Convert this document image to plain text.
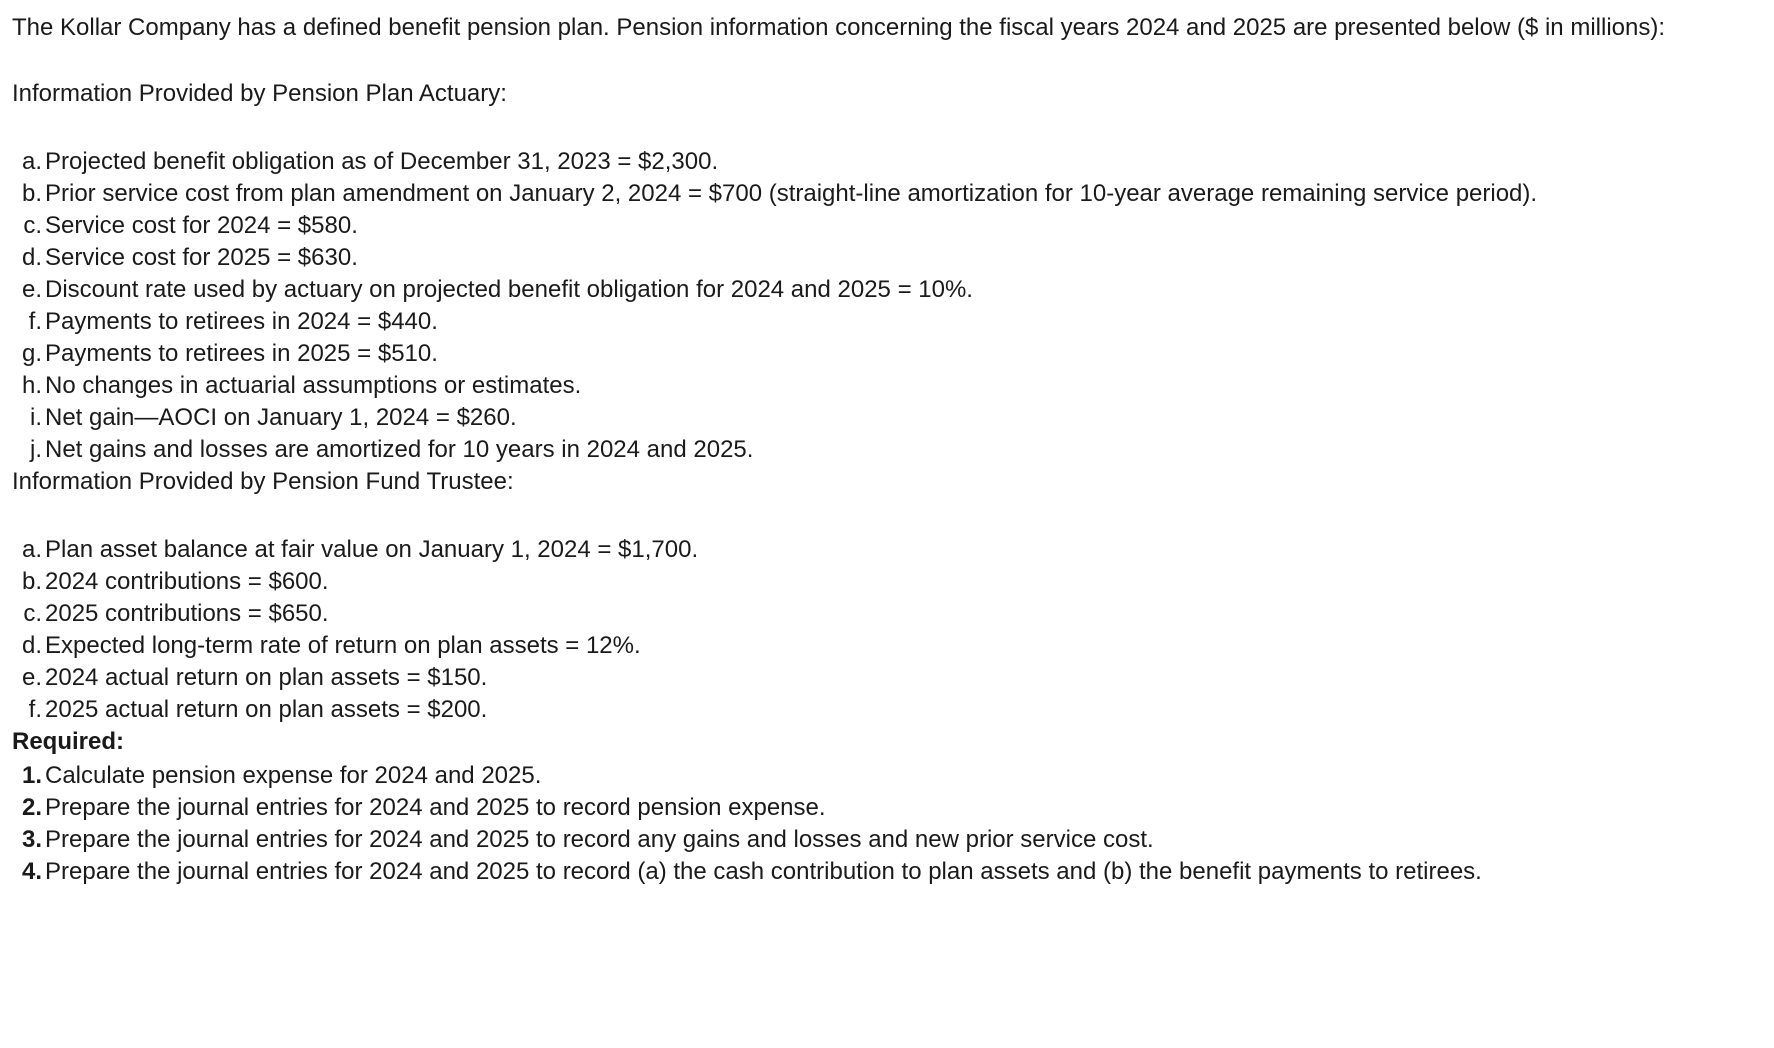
The Kollar Company has a defined benefit pension plan. Pension information concerning the fiscal years 2024 and 2025 are presented below ($ in millions):

Information Provided by Pension Plan Actuary:

a. Projected benefit obligation as of December 31, 2023 = $2,300.
b. Prior service cost from plan amendment on January 2, 2024 = $700 (straight-line amortization for 10-year average remaining service period).
c. Service cost for 2024 = $580.
d. Service cost for 2025 = $630.
e. Discount rate used by actuary on projected benefit obligation for 2024 and 2025 = 10%.
f. Payments to retirees in 2024 = $440.
g. Payments to retirees in 2025 = $510.
h. No changes in actuarial assumptions or estimates.
i. Net gain—AOCI on January 1, 2024 = $260.
j. Net gains and losses are amortized for 10 years in 2024 and 2025.

Information Provided by Pension Fund Trustee:

a. Plan asset balance at fair value on January 1, 2024 = $1,700.
b. 2024 contributions = $600.
c. 2025 contributions = $650.
d. Expected long-term rate of return on plan assets = 12%.
e. 2024 actual return on plan assets = $150.
f. 2025 actual return on plan assets = $200.

Required:

1. Calculate pension expense for 2024 and 2025.
2. Prepare the journal entries for 2024 and 2025 to record pension expense.
3. Prepare the journal entries for 2024 and 2025 to record any gains and losses and new prior service cost.
4. Prepare the journal entries for 2024 and 2025 to record (a) the cash contribution to plan assets and (b) the benefit payments to retirees.
